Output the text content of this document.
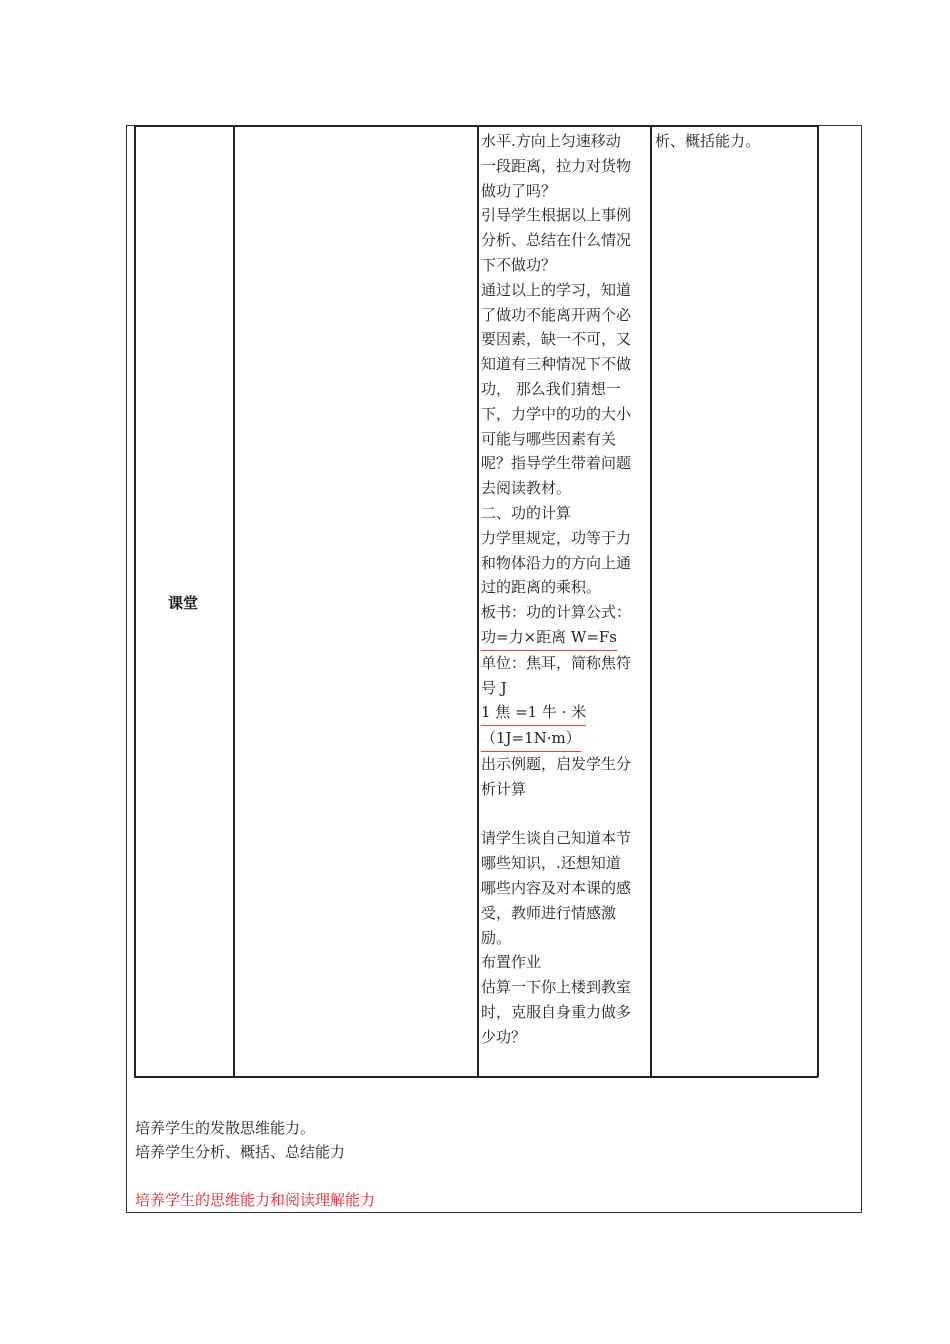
课堂
水平.方向上匀速移动
一段距离，拉力对货物
做功了吗？
引导学生根据以上事例
分析、总结在什么情况
下不做功？
通过以上的学习，知道
了做功不能离开两个必
要因素，缺一不可，又
知道有三种情况下不做
功， 那么我们猜想一
下，力学中的功的大小
可能与哪些因素有关
呢？指导学生带着问题
去阅读教材。
二、功的计算
力学里规定，功等于力
和物体沿力的方向上通
过的距离的乘积。
板书：功的计算公式：
功=力×距离 W=Fs

单位：焦耳，简称焦符
号 J
1 焦 =1 牛 · 米
（1J=1N·m）

出示例题，启发学生分
析计算
请学生谈自己知道本节
哪些知识，.还想知道
哪些内容及对本课的感
受，教师进行情感激
励。
布置作业
估算一下你上楼到教室
时，克服自身重力做多
少功？
析、概括能力。
培养学生的发散思维能力。
培养学生分析、概括、总结能力
培养学生的思维能力和阅读理解能力
